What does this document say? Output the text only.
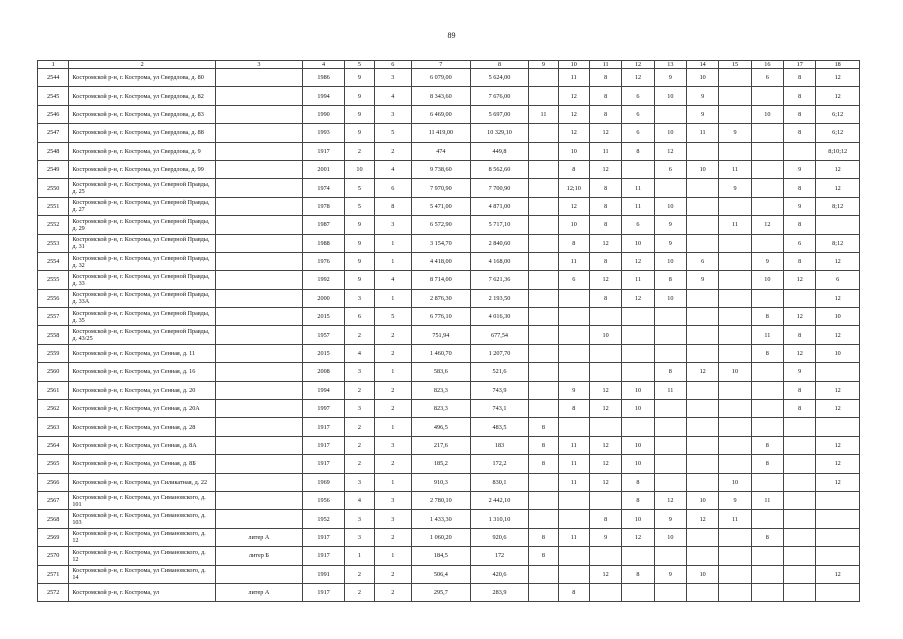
89
1	2	3	4	5	6	7	8	9	10	11	12	13	14	15	16	17	18
2544	Костромской р-н, г. Кострома, ул Свердлова, д. 80		1986	9	3	6 079,00	5 624,00		11	8	12	9	10		6	8	12
2545	Костромской р-н, г. Кострома, ул Свердлова, д. 82		1994	9	4	8 343,60	7 676,00		12	8	6	10	9			8	12
2546	Костромской р-н, г. Кострома, ул Свердлова, д. 83		1990	9	3	6 469,00	5 697,00	11	12	8	6		9		10	8	6;12
2547	Костромской р-н, г. Кострома, ул Свердлова, д. 88		1993	9	5	11 419,00	10 329,10		12	12	6	10	11	9		8	6;12
2548	Костромской р-н, г. Кострома, ул Свердлова, д. 9		1917	2	2	474	449,8		10	11	8	12					8;10;12
2549	Костромской р-н, г. Кострома, ул Свердлова, д. 99		2001	10	4	9 738,60	8 562,60		8	12		6	10	11		9	12
2550	Костромской р-н, г. Кострома, ул Северной Правды, д. 25		1974	5	6	7 970,90	7 700,90		12;10	8	11			9		8	12
2551	Костромской р-н, г. Кострома, ул Северной Правды, д. 27		1978	5	8	5 471,00	4 871,00		12	8	11	10				9	8;12
2552	Костромской р-н, г. Кострома, ул Северной Правды, д. 29		1987	9	3	6 572,90	5 717,10		10	8	6	9		11	12	8	
2553	Костромской р-н, г. Кострома, ул Северной Правды, д. 31		1988	9	1	3 154,70	2 840,60		8	12	10	9				6	8;12
2554	Костромской р-н, г. Кострома, ул Северной Правды, д. 32		1976	9	1	4 418,00	4 168,00		11	8	12	10	6		9	8	12
2555	Костромской р-н, г. Кострома, ул Северной Правды, д. 33		1992	9	4	8 714,00	7 621,36		6	12	11	8	9		10	12	6
2556	Костромской р-н, г. Кострома, ул Северной Правды, д. 33А		2000	3	1	2 876,30	2 193,50			8	12	10					12
2557	Костромской р-н, г. Кострома, ул Северной Правды, д. 35		2015	6	5	6 776,10	4 016,30								8	12	10
2558	Костромской р-н, г. Кострома, ул Северной Правды, д. 43/25		1957	2	2	751,94	677,54			10					11	8	12
2559	Костромской р-н, г. Кострома, ул Сенная, д. 11		2015	4	2	1 460,70	1 207,70								8	12	10
2560	Костромской р-н, г. Кострома, ул Сенная, д. 16		2008	3	1	583,6	521,6					8	12	10		9	
2561	Костромской р-н, г. Кострома, ул Сенная, д. 20		1994	2	2	823,3	743,9		9	12	10	11				8	12
2562	Костромской р-н, г. Кострома, ул Сенная, д. 20А		1997	3	2	823,3	743,1		8	12	10					8	12
2563	Костромской р-н, г. Кострома, ул Сенная, д. 28		1917	2	1	496,5	483,5	8									
2564	Костромской р-н, г. Кострома, ул Сенная, д. 8А		1917	2	3	217,6	183	8	11	12	10				8		12
2565	Костромской р-н, г. Кострома, ул Сенная, д. 8Б		1917	2	2	185,2	172,2	8	11	12	10				8		12
2566	Костромской р-н, г. Кострома, ул Силикатная, д. 22		1969	3	1	910,3	830,1		11	12	8			10			12
2567	Костромской р-н, г. Кострома, ул Симановского, д. 101		1956	4	3	2 780,10	2 442,10				8	12	10	9	11		
2568	Костромской р-н, г. Кострома, ул Симановского, д. 103		1952	3	3	1 433,30	1 310,10			8	10	9	12	11			
2569	Костромской р-н, г. Кострома, ул Симановского, д. 12	литер А	1917	3	2	1 060,20	920,6	8	11	9	12	10			8		
2570	Костромской р-н, г. Кострома, ул Симановского, д. 12	литер Б	1917	1	1	184,5	172	8									
2571	Костромской р-н, г. Кострома, ул Симановского, д. 14		1991	2	2	506,4	420,6			12	8	9	10				12
2572	Костромской р-н, г. Кострома, ул	литер А	1917	2	2	295,7	283,9		8								
